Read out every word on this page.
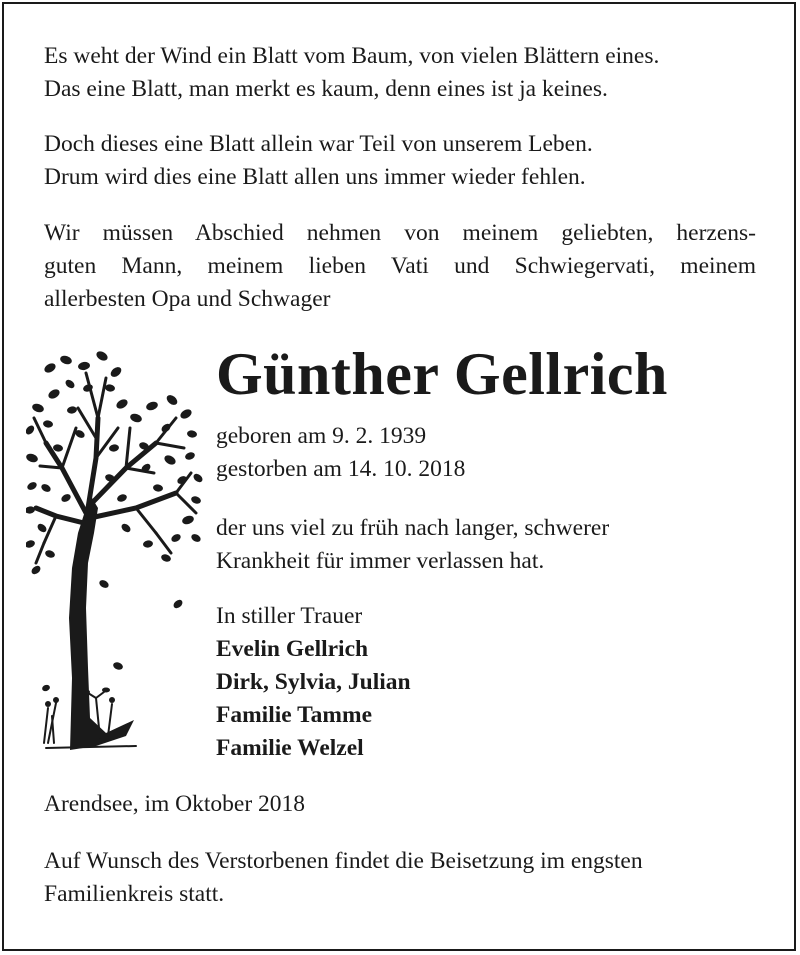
Es weht der Wind ein Blatt vom Baum, von vielen Blättern eines.

Das eine Blatt, man merkt es kaum, denn eines ist ja keines.

Doch dieses eine Blatt allein war Teil von unserem Leben.

Drum wird dies eine Blatt allen uns immer wieder fehlen.

Wir müssen Abschied nehmen von meinem geliebten, herzens-
guten Mann, meinem lieben Vati und Schwiegervati, meinem
allerbesten Opa und Schwager
Günther Gellrich

geboren am 9. 2. 1939

gestorben am 14. 10. 2018

der uns viel zu früh nach langer, schwerer

Krankheit für immer verlassen hat.

In stiller Trauer

Evelin Gellrich

Dirk, Sylvia, Julian

Familie Tamme

Familie Welzel

Arendsee, im Oktober 2018

Auf Wunsch des Verstorbenen findet die Beisetzung im engsten

Familienkreis statt.
